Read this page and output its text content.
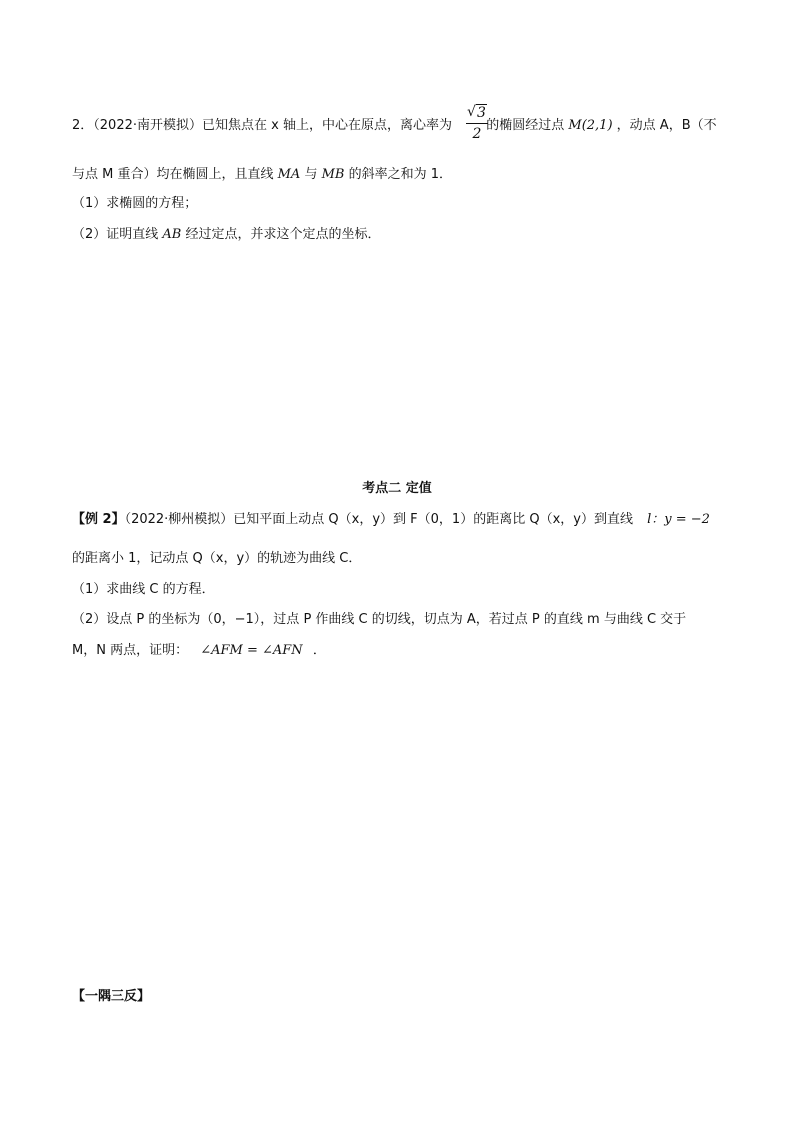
2．（2022·南开模拟）已知焦点在 x 轴上，中心在原点，离心率为	的椭圆经过点 M(2,1) ，动点 A，B（不
√ 3
2
与点 M 重合）均在椭圆上，且直线 MA 与 MB 的斜率之和为 1．
（1）求椭圆的方程；
（2）证明直线 AB 经过定点，并求这个定点的坐标．
考点二 定值
【例 2】（2022·柳州模拟）已知平面上动点 Q（x，y）到 F（0，1）的距离比 Q（x，y）到直线 l：y = −2
的距离小 1，记动点 Q（x，y）的轨迹为曲线 C．
（1）求曲线 C 的方程．
（2）设点 P 的坐标为（0，−1），过点 P 作曲线 C 的切线，切点为 A，若过点 P 的直线 m 与曲线 C 交于
M，N 两点，证明： ∠AFM = ∠AFN ．
【一隅三反】
